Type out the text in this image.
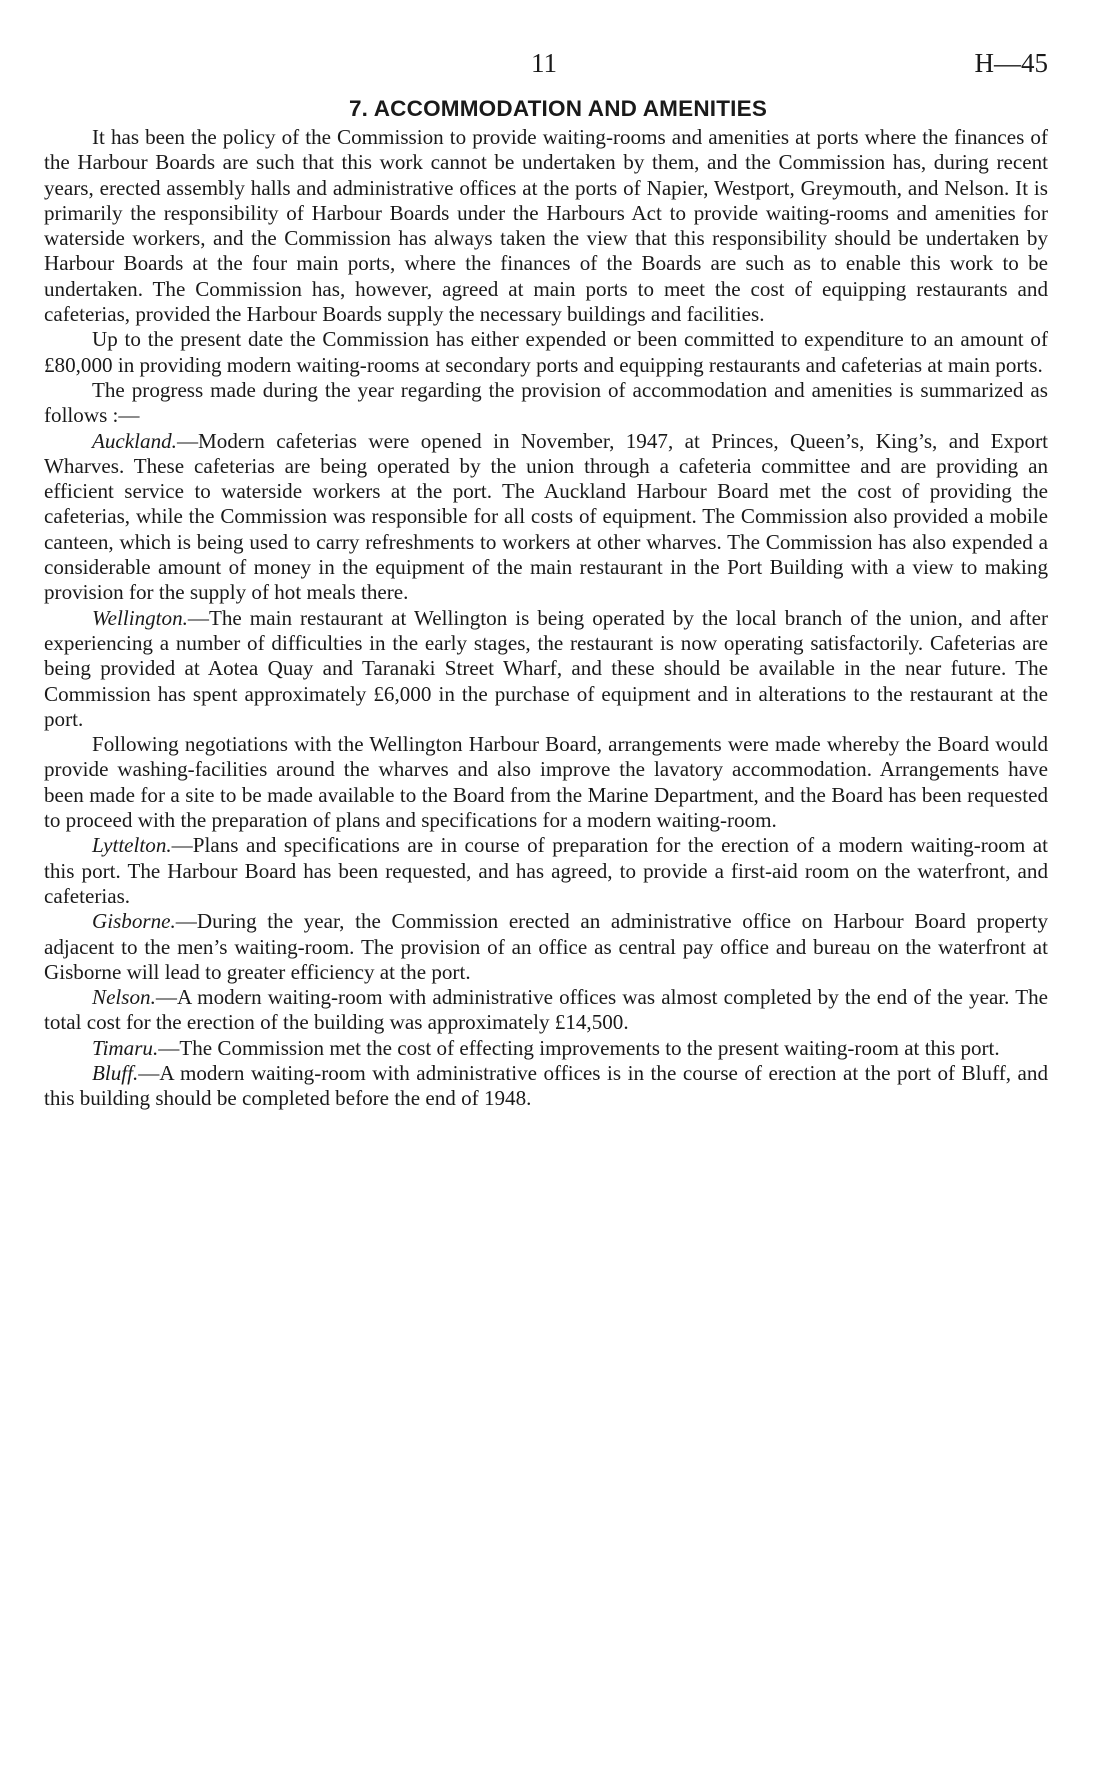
11	H—45
7. ACCOMMODATION AND AMENITIES

It has been the policy of the Commission to provide waiting-rooms and amenities at ports where the finances of the Harbour Boards are such that this work cannot be undertaken by them, and the Commission has, during recent years, erected assembly halls and administrative offices at the ports of Napier, Westport, Greymouth, and Nelson. It is primarily the responsibility of Harbour Boards under the Harbours Act to provide waiting-rooms and amenities for waterside workers, and the Commission has always taken the view that this responsibility should be undertaken by Harbour Boards at the four main ports, where the finances of the Boards are such as to enable this work to be undertaken. The Commission has, however, agreed at main ports to meet the cost of equipping restaurants and cafeterias, provided the Harbour Boards supply the necessary buildings and facilities.

Up to the present date the Commission has either expended or been committed to expenditure to an amount of £80,000 in providing modern waiting-rooms at secondary ports and equipping restaurants and cafeterias at main ports.

The progress made during the year regarding the provision of accommodation and amenities is summarized as follows :—

Auckland.—Modern cafeterias were opened in November, 1947, at Princes, Queen’s, King’s, and Export Wharves. These cafeterias are being operated by the union through a cafeteria committee and are providing an efficient service to waterside workers at the port. The Auckland Harbour Board met the cost of providing the cafeterias, while the Commission was responsible for all costs of equipment. The Commission also provided a mobile canteen, which is being used to carry refreshments to workers at other wharves. The Commission has also expended a considerable amount of money in the equipment of the main restaurant in the Port Building with a view to making provision for the supply of hot meals there.

Wellington.—The main restaurant at Wellington is being operated by the local branch of the union, and after experiencing a number of difficulties in the early stages, the restaurant is now operating satisfactorily. Cafeterias are being provided at Aotea Quay and Taranaki Street Wharf, and these should be available in the near future. The Commission has spent approximately £6,000 in the purchase of equipment and in alterations to the restaurant at the port.

Following negotiations with the Wellington Harbour Board, arrangements were made whereby the Board would provide washing-facilities around the wharves and also improve the lavatory accommodation. Arrangements have been made for a site to be made available to the Board from the Marine Department, and the Board has been requested to proceed with the preparation of plans and specifications for a modern waiting-room.

Lyttelton.—Plans and specifications are in course of preparation for the erection of a modern waiting-room at this port. The Harbour Board has been requested, and has agreed, to provide a first-aid room on the waterfront, and cafeterias.

Gisborne.—During the year, the Commission erected an administrative office on Harbour Board property adjacent to the men’s waiting-room. The provision of an office as central pay office and bureau on the waterfront at Gisborne will lead to greater efficiency at the port.

Nelson.—A modern waiting-room with administrative offices was almost completed by the end of the year. The total cost for the erection of the building was approximately £14,500.

Timaru.—The Commission met the cost of effecting improvements to the present waiting-room at this port.

Bluff.—A modern waiting-room with administrative offices is in the course of erection at the port of Bluff, and this building should be completed before the end of 1948.
